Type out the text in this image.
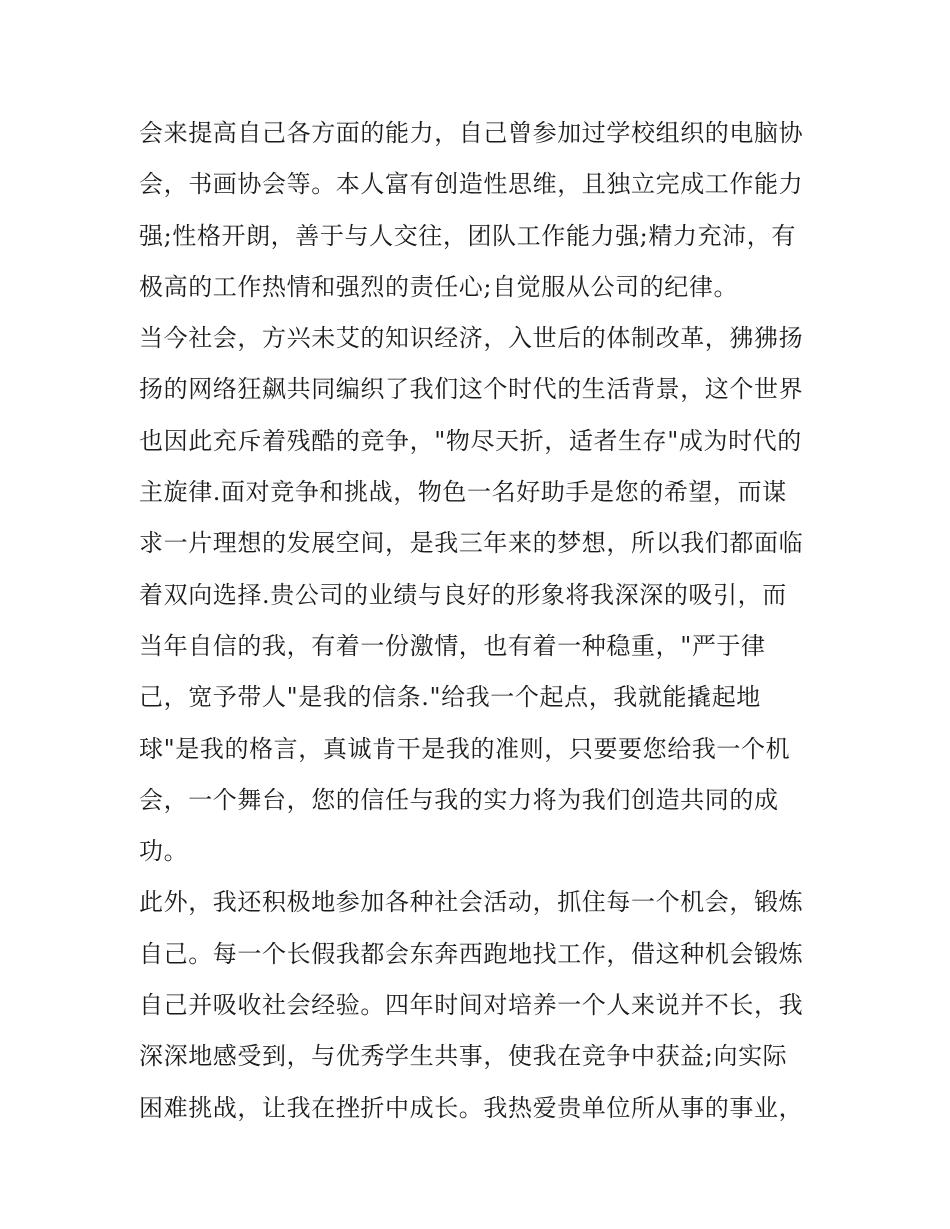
会来提高自己各方面的能力，自己曾参加过学校组织的电脑协
会，书画协会等。本人富有创造性思维，且独立完成工作能力
强;性格开朗，善于与人交往，团队工作能力强;精力充沛，有
极高的工作热情和强烈的责任心;自觉服从公司的纪律。
当今社会，方兴未艾的知识经济，入世后的体制改革，狒狒扬
扬的网络狂飙共同编织了我们这个时代的生活背景，这个世界
也因此充斥着残酷的竞争，"物尽天折，适者生存"成为时代的
主旋律.面对竞争和挑战，物色一名好助手是您的希望，而谋
求一片理想的发展空间，是我三年来的梦想，所以我们都面临
着双向选择.贵公司的业绩与良好的形象将我深深的吸引，而
当年自信的我，有着一份激情，也有着一种稳重，"严于律
己，宽予带人"是我的信条."给我一个起点，我就能撬起地
球"是我的格言，真诚肯干是我的准则，只要要您给我一个机
会，一个舞台，您的信任与我的实力将为我们创造共同的成
功。
此外，我还积极地参加各种社会活动，抓住每一个机会，锻炼
自己。每一个长假我都会东奔西跑地找工作，借这种机会锻炼
自己并吸收社会经验。四年时间对培养一个人来说并不长，我
深深地感受到，与优秀学生共事，使我在竞争中获益;向实际
困难挑战，让我在挫折中成长。我热爱贵单位所从事的事业，
